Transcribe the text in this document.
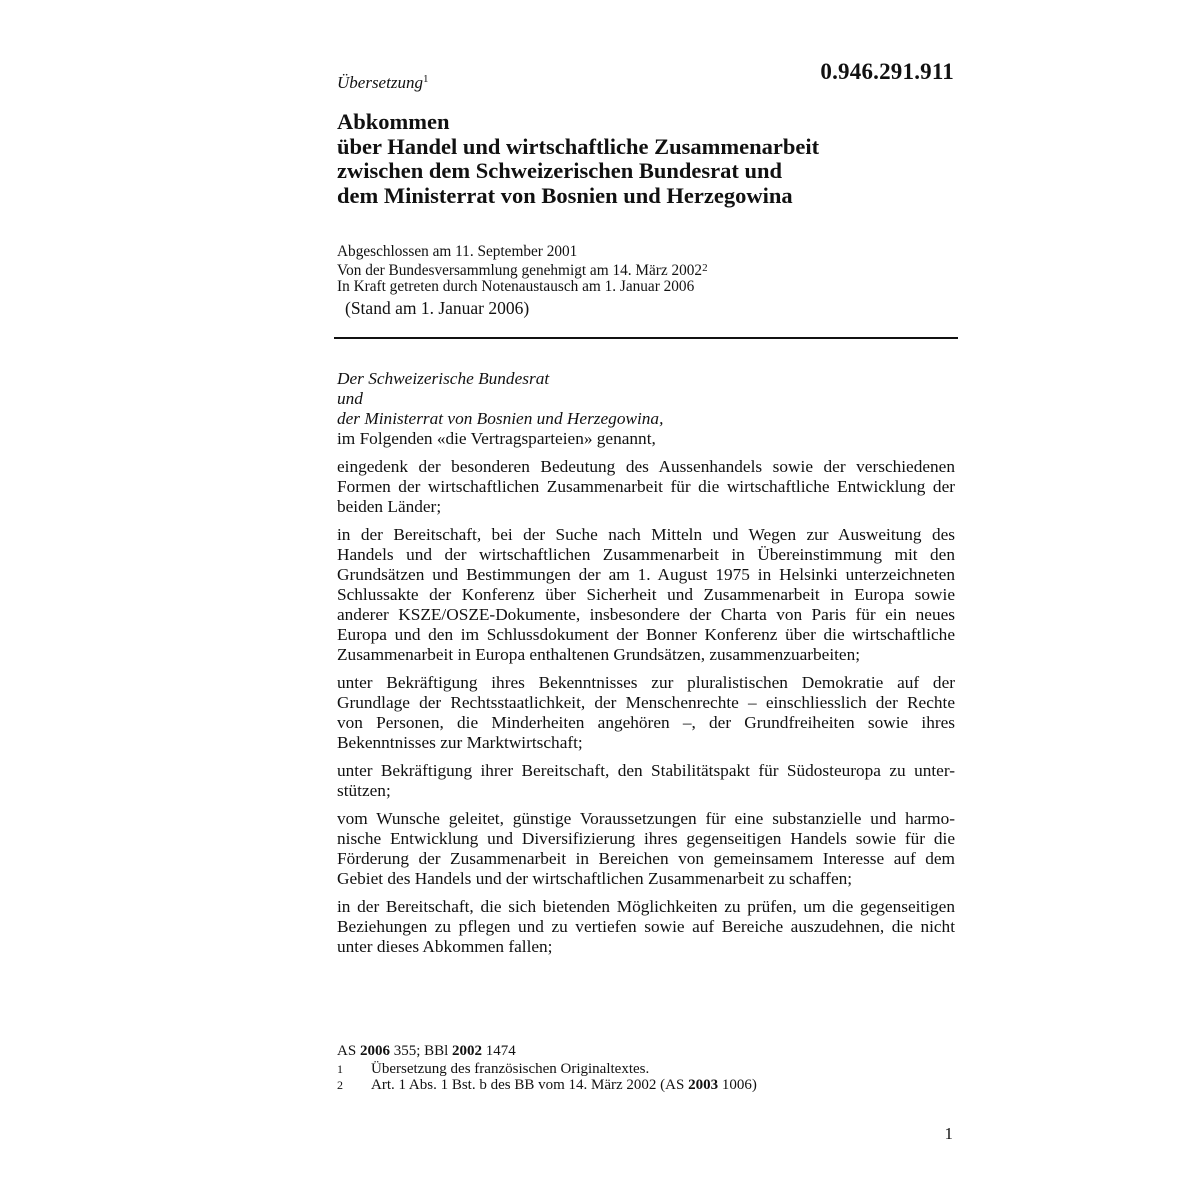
Übersetzung$^1$	0.946.291.911
Abkommen
über Handel und wirtschaftliche Zusammenarbeit
zwischen dem Schweizerischen Bundesrat und
dem Ministerrat von Bosnien und Herzegowina
Abgeschlossen am 11. September 2001
Von der Bundesversammlung genehmigt am 14. März 2002$^2$
In Kraft getreten durch Notenaustausch am 1. Januar 2006
(Stand am 1. Januar 2006)
Der Schweizerische Bundesrat
und
der Ministerrat von Bosnien und Herzegowina,
im Folgenden «die Vertragsparteien» genannt,
eingedenk der besonderen Bedeutung des Aussenhandels sowie der verschiedenen
Formen der wirtschaftlichen Zusammenarbeit für die wirtschaftliche Entwicklung der
beiden Länder;
in der Bereitschaft, bei der Suche nach Mitteln und Wegen zur Ausweitung des
Handels und der wirtschaftlichen Zusammenarbeit in Übereinstimmung mit den
Grundsätzen und Bestimmungen der am 1. August 1975 in Helsinki unterzeichneten
Schlussakte der Konferenz über Sicherheit und Zusammenarbeit in Europa sowie
anderer KSZE/OSZE-Dokumente, insbesondere der Charta von Paris für ein neues
Europa und den im Schlussdokument der Bonner Konferenz über die wirtschaftliche
Zusammenarbeit in Europa enthaltenen Grundsätzen, zusammenzuarbeiten;
unter Bekräftigung ihres Bekenntnisses zur pluralistischen Demokratie auf der
Grundlage der Rechtsstaatlichkeit, der Menschenrechte – einschliesslich der Rechte
von Personen, die Minderheiten angehören –, der Grundfreiheiten sowie ihres
Bekenntnisses zur Marktwirtschaft;
unter Bekräftigung ihrer Bereitschaft, den Stabilitätspakt für Südosteuropa zu unter-
stützen;
vom Wunsche geleitet, günstige Voraussetzungen für eine substanzielle und harmo-
nische Entwicklung und Diversifizierung ihres gegenseitigen Handels sowie für die
Förderung der Zusammenarbeit in Bereichen von gemeinsamem Interesse auf dem
Gebiet des Handels und der wirtschaftlichen Zusammenarbeit zu schaffen;
in der Bereitschaft, die sich bietenden Möglichkeiten zu prüfen, um die gegenseitigen
Beziehungen zu pflegen und zu vertiefen sowie auf Bereiche auszudehnen, die nicht
unter dieses Abkommen fallen;
AS 2006 355; BBl 2002 1474
1	Übersetzung des französischen Originaltextes.
2	Art. 1 Abs. 1 Bst. b des BB vom 14. März 2002 (AS 2003 1006)
1
